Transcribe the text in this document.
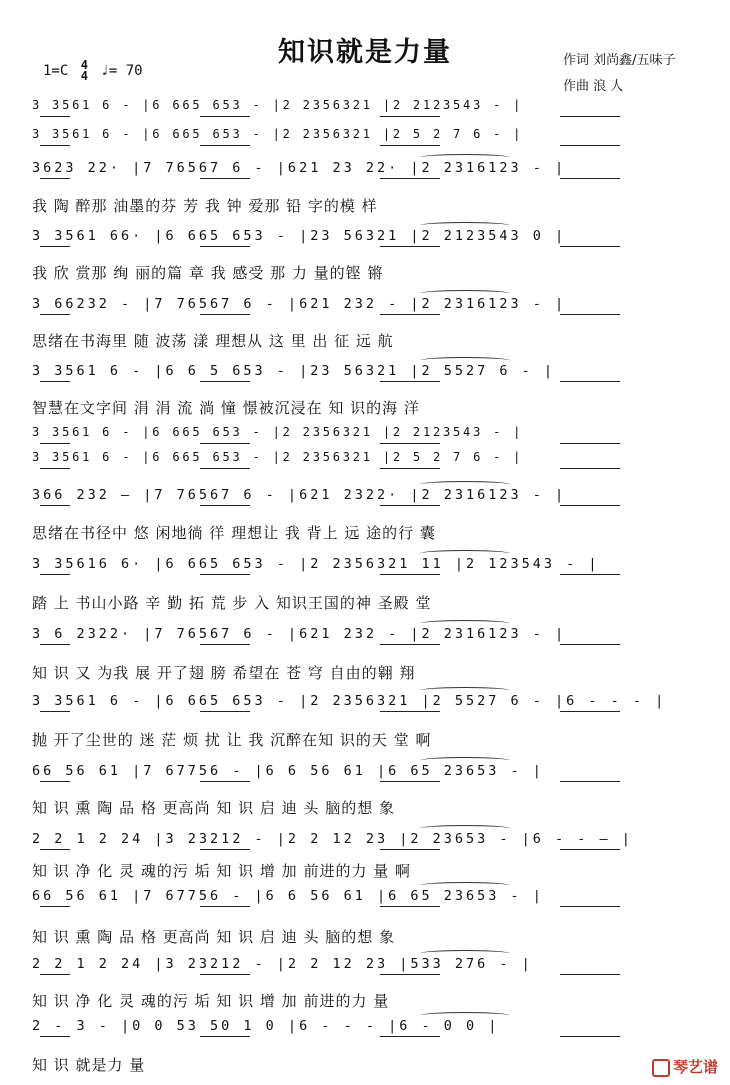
知识就是力量
1=C 4
4 ♩= 70
作词 刘尚鑫/五味子
作曲 浪 人
3 3561 6 - |6 665 653 - |2 2356321 |2 2123543 - |
3 3561 6 - |6 665 653 - |2 2356321 |2 5 2 7 6 - |
3623 22· |7 76567 6 - |621 23 22· |2 2316123 - |
我 陶 醉那 油墨的芬 芳 我 钟 爱那 铅 字的模 样
3 3561 66· |6 665 653 - |23 56321 |2 2123543 0 |
我 欣 赏那 绚 丽的篇 章 我 感受 那 力 量的铿 锵
3 66232 - |7 76567 6 - |621 232 - |2 2316123 - |
思绪在书海里 随 波荡 漾 理想从 这 里 出 征 远 航
3 3561 6 - |6 6 5 653 - |23 56321 |2 5527 6 - |
智慧在文字间 涓 涓 流 淌 憧 憬被沉浸在 知 识的海 洋
3 3561 6 - |6 665 653 - |2 2356321 |2 2123543 - |
3 3561 6 - |6 665 653 - |2 2356321 |2 5 2 7 6 - |
366 232 — |7 76567 6 - |621 2322· |2 2316123 - |
思绪在书径中 悠 闲地徜 徉 理想让 我 背上 远 途的行 囊
3 35616 6· |6 665 653 - |2 2356321 11 |2 123543 - |
踏 上 书山小路 辛 勤 拓 荒 步 入 知识王国的神 圣殿 堂
3 6 2322· |7 76567 6 - |621 232 - |2 2316123 - |
知 识 又 为我 展 开了翅 膀 希望在 苍 穹 自由的翱 翔
3 3561 6 - |6 665 653 - |2 2356321 |2 5527 6 - |6 - - - |
抛 开了尘世的 迷 茫 烦 扰 让 我 沉醉在知 识的天 堂 啊
66 56 61 |7 67756 - |6 6 56 61 |6 65 23653 - |
知 识 熏 陶 品 格 更高尚 知 识 启 迪 头 脑的想 象
2 2 1 2 24 |3 23212 - |2 2 12 23 |2 23653 - |6 - - — |
知 识 净 化 灵 魂的污 垢 知 识 增 加 前进的力 量 啊
66 56 61 |7 67756 - |6 6 56 61 |6 65 23653 - |
知 识 熏 陶 品 格 更高尚 知 识 启 迪 头 脑的想 象
2 2 1 2 24 |3 23212 - |2 2 12 23 |533 276 - |
知 识 净 化 灵 魂的污 垢 知 识 增 加 前进的力 量
2 - 3 - |0 0 53 50 1 0 |6 - - - |6 - 0 0 |
知 识 就是力 量	琴艺谱
